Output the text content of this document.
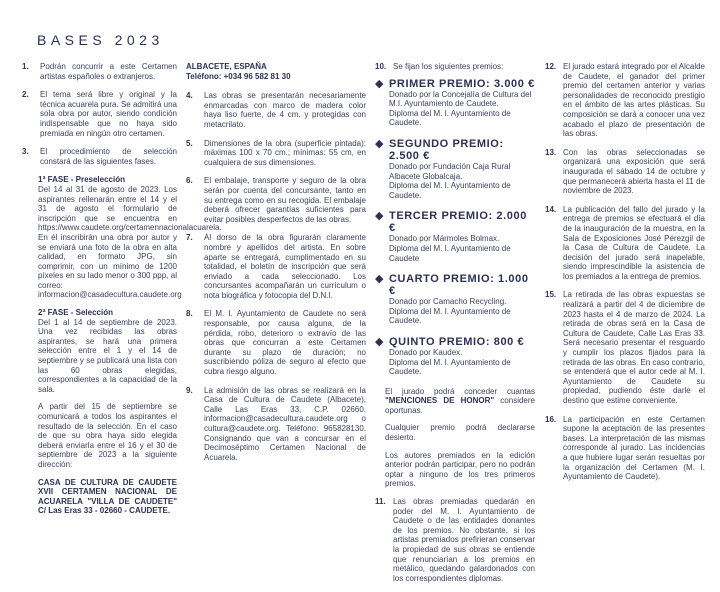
BASES 2023
1.	Podrán concurrir a este Certamen artistas españoles o extranjeros.
2.	El tema será libre y original y la técnica acuarela pura. Se admitirá una sola obra por autor, siendo condición indispensable que no haya sido premiada en ningún otro certamen.
3.	El procedimiento de selección constará de las siguientes fases.

1ª FASE - Preselección
Del 14 al 31 de agosto de 2023. Los aspirantes rellenarán entre el 14 y el 31 de agosto el formulario de inscripción que se encuentra en https://www.caudete.org/certamennacionalacuarela. En él inscribirán una obra por autor y se enviará una foto de la obra en alta calidad, en formato JPG, sin comprimir, con un mínimo de 1200 píxeles en su lado menor o 300 ppp, al correo: informacion@casadecultura.caudete.org

2ª FASE - Selección
Del 1 al 14 de septiembre de 2023. Una vez recibidas las obras aspirantes, se hará una primera selección entre el 1 y el 14 de septiembre y se publicará una lista con las 60 obras elegidas, correspondientes a la capacidad de la sala.

A partir del 15 de septiembre se comunicará a todos los aspirantes el resultado de la selección. En el caso de que su obra haya sido elegida deberá enviarla entre el 16 y el 30 de septiembre de 2023 a la siguiente dirección:

CASA DE CULTURA DE CAUDETE XVII CERTAMEN NACIONAL DE ACUARELA "VILLA DE CAUDETE" C/ Las Eras 33 - 02660 - CAUDETE.

ALBACETE, ESPAÑA
Teléfono: +034 96 582 81 30
4.	Las obras se presentarán necesariamente enmarcadas con marco de madera color haya liso fuerte, de 4 cm. y protegidas con metacrilato.
5.	Dimensiones de la obra (superficie pintada): máximas 100 x 70 cm.; mínimas: 55 cm, en cualquiera de sus dimensiones.
6.	El embalaje, transporte y seguro de la obra serán por cuenta del concursante, tanto en su entrega como en su recogida. El embalaje deberá ofrecer garantías suficientes para evitar posibles desperfectos de las obras.
7.	Al dorso de la obra figurarán claramente nombre y apellidos del artista. En sobre aparte se entregará, cumplimentado en su totalidad, el boletín de inscripción que será enviado a cada seleccionado. Los concursantes acompañarán un currículum o nota biográfica y fotocopia del D.N.I.
8.	El M. I. Ayuntamiento de Caudete no será responsable, por causa alguna, de la pérdida, robo, deterioro o extravío de las obras que concurran a este Certamen durante su plazo de duración; no suscribiendo póliza de seguro al efecto que cubra riesgo alguno.
9.	La admisión de las obras se realizará en la Casa de Cultura de Caudete (Albacete), Calle Las Eras 33, C.P. 02660. informacion@casadecultura.caudete.org o cultura@caudete.org. Teléfono: 965828130. Consignando que van a concursar en el Decimoséptimo Certamen Nacional de Acuarela.
10. Se fijan los siguientes premios:
◆ PRIMER PREMIO: 3.000 €
Donado por la Concejalía de Cultura del M.I. Ayuntamiento de Caudete.
Diploma del M. I. Ayuntamiento de Caudete.
◆ SEGUNDO PREMIO: 2.500 €
Donado por Fundación Caja Rural Albacete Globalcaja.
Diploma del M. I. Ayuntamiento de Caudete.
◆ TERCER PREMIO: 2.000 €
Donado por Mármoles Bolmax.
Diploma del M. I. Ayuntamiento de Caudete
◆ CUARTO PREMIO: 1.000 €
Donado por Camacho Recycling.
Diploma del M. I. Ayuntamiento de Caudete.
◆ QUINTO PREMIO: 800 €
Donado por Kaudex.
Diploma del M. I. Ayuntamiento de Caudete.

El jurado podrá conceder cuantas "MENCIONES DE HONOR" considere oportunas.

Cualquier premio podrá declararse desierto.

Los autores premiados en la edición anterior podrán participar, pero no podrán optar a ninguno de los tres primeros premios.

11. Las obras premiadas quedarán en poder del M. I. Ayuntamiento de Caudete o de las entidades donantes de los premios. No obstante, si los artistas premiados prefirieran conservar la propiedad de sus obras se entiende que renunciarían a los premios en metálico, quedando galardonados con los correspondientes diplomas.
12. El jurado estará integrado por el Alcalde de Caudete, el ganador del primer premio del certamen anterior y varias personalidades de reconocido prestigio en el ámbito de las artes plásticas. Su composición se dará a conocer una vez acabado el plazo de presentación de las obras.
13. Con las obras seleccionadas se organizará una exposición que será inaugurada el sábado 14 de octubre y que permanecerá abierta hasta el 11 de noviembre de 2023.
14. La publicación del fallo del jurado y la entrega de premios se efectuará el día de la inauguración de la muestra, en la Sala de Exposiciones José Pérezgil de la Casa de Cultura de Caudete. La decisión del jurado será inapelable, siendo imprescindible la asistencia de los premiados a la entrega de premios.
15. La retirada de las obras expuestas se realizará a partir del 4 de diciembre de 2023 hasta el 4 de marzo de 2024. La retirada de obras será en la Casa de Cultura de Caudete, Calle Las Eras 33. Será necesario presentar el resguardo y cumplir los plazos fijados para la retirada de las obras. En caso contrario, se entenderá que el autor cede al M. I. Ayuntamiento de Caudete su propiedad, pudiendo éste darle el destino que estime conveniente.
16. La participación en este Certamen supone la aceptación de las presentes bases. La interpretación de las mismas corresponde al jurado. Las incidencias a que hubiere lugar serán resueltas por la organización del Certamen (M. I. Ayuntamiento de Caudete).
